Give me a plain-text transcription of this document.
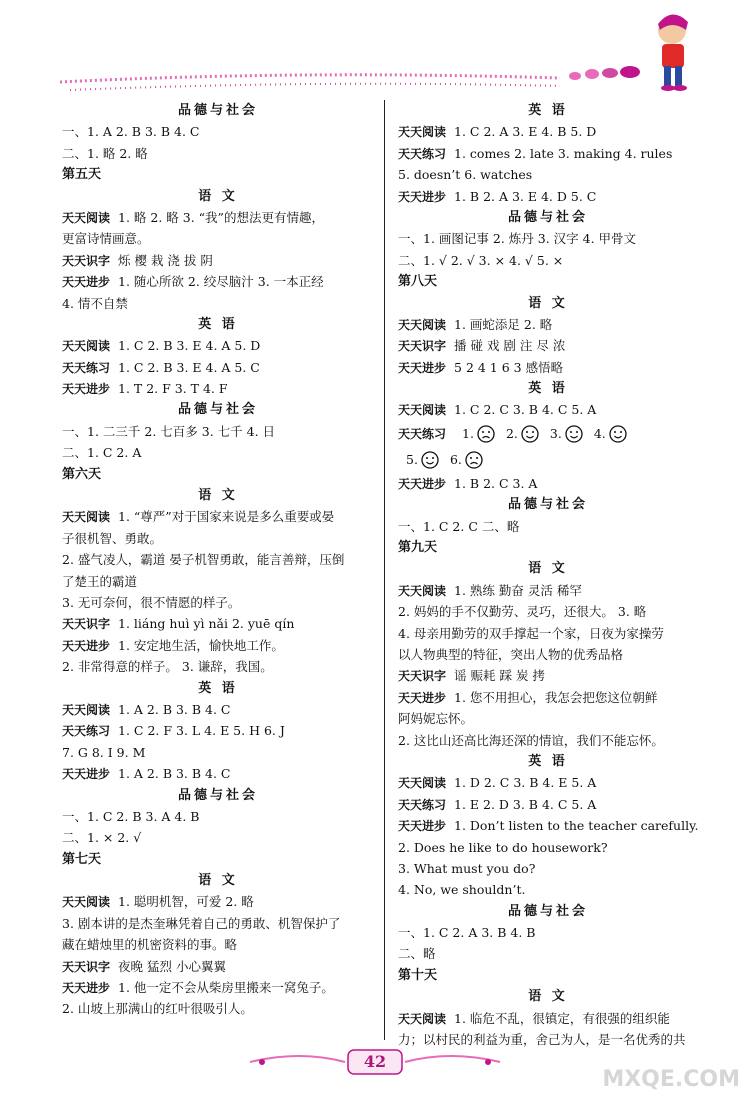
品德与社会
一、1. A 2. B 3. B 4. C
二、1. 略 2. 略
第五天
语 文
天天阅读 1. 略 2. 略 3. “我”的想法更有情趣，
更富诗情画意。
天天识字 烁 樱 栽 浇 拔 阴
天天进步 1. 随心所欲 2. 绞尽脑汁 3. 一本正经
4. 情不自禁
英 语
天天阅读 1. C 2. B 3. E 4. A 5. D
天天练习 1. C 2. B 3. E 4. A 5. C
天天进步 1. T 2. F 3. T 4. F
品德与社会
一、1. 二三千 2. 七百多 3. 七千 4. 日
二、1. C 2. A
第六天
语 文
天天阅读 1. “尊严”对于国家来说是多么重要或晏
子很机智、勇敢。
2. 盛气凌人，霸道 晏子机智勇敢，能言善辩，压倒
了楚王的霸道
3. 无可奈何，很不情愿的样子。
天天识字 1. liáng huì yì nǎi 2. yuē qín
天天进步 1. 安定地生活，愉快地工作。
2. 非常得意的样子。 3. 谦辞，我国。
英 语
天天阅读 1. A 2. B 3. B 4. C
天天练习 1. C 2. F 3. L 4. E 5. H 6. J
7. G 8. I 9. M
天天进步 1. A 2. B 3. B 4. C
品德与社会
一、1. C 2. B 3. A 4. B
二、1. × 2. √
第七天
语 文
天天阅读 1. 聪明机智，可爱 2. 略
3. 剧本讲的是杰奎琳凭着自己的勇敢、机智保护了
藏在蜡烛里的机密资料的事。略
天天识字 夜晚 猛烈 小心翼翼
天天进步 1. 他一定不会从柴房里搬来一窝兔子。
2. 山坡上那满山的红叶很吸引人。
英 语
天天阅读 1. C 2. A 3. E 4. B 5. D
天天练习 1. comes 2. late 3. making 4. rules
5. doesn’t 6. watches
天天进步 1. B 2. A 3. E 4. D 5. C
品德与社会
一、1. 画图记事 2. 炼丹 3. 汉字 4. 甲骨文
二、1. √ 2. √ 3. × 4. √ 5. ×
第八天
语 文
天天阅读 1. 画蛇添足 2. 略
天天识字 播 碰 戏 剧 注 尽 浓
天天进步 5 2 4 1 6 3 感悟略
英 语
天天阅读 1. C 2. C 3. B 4. C 5. A
天天练习 1.	2.	3.	4.
5.	6.
天天进步 1. B 2. C 3. A
品德与社会
一、1. C 2. C 二、略
第九天
语 文
天天阅读 1. 熟练 勤奋 灵活 稀罕
2. 妈妈的手不仅勤劳、灵巧，还很大。 3. 略
4. 母亲用勤劳的双手撑起一个家，日夜为家操劳
以人物典型的特征，突出人物的优秀品格
天天识字 谣 赈耗 踩 炭 拷
天天进步 1. 您不用担心，我怎会把您这位朝鲜
阿妈妮忘怀。
2. 这比山还高比海还深的情谊，我们不能忘怀。
英 语
天天阅读 1. D 2. C 3. B 4. E 5. A
天天练习 1. E 2. D 3. B 4. C 5. A
天天进步 1. Don’t listen to the teacher carefully.
2. Does he like to do housework?
3. What must you do?
4. No, we shouldn’t.
品德与社会
一、1. C 2. A 3. B 4. B
二、略
第十天
语 文
天天阅读 1. 临危不乱，很镇定，有很强的组织能
力；以村民的利益为重，舍己为人，是一名优秀的共
42
MXQE.COM
